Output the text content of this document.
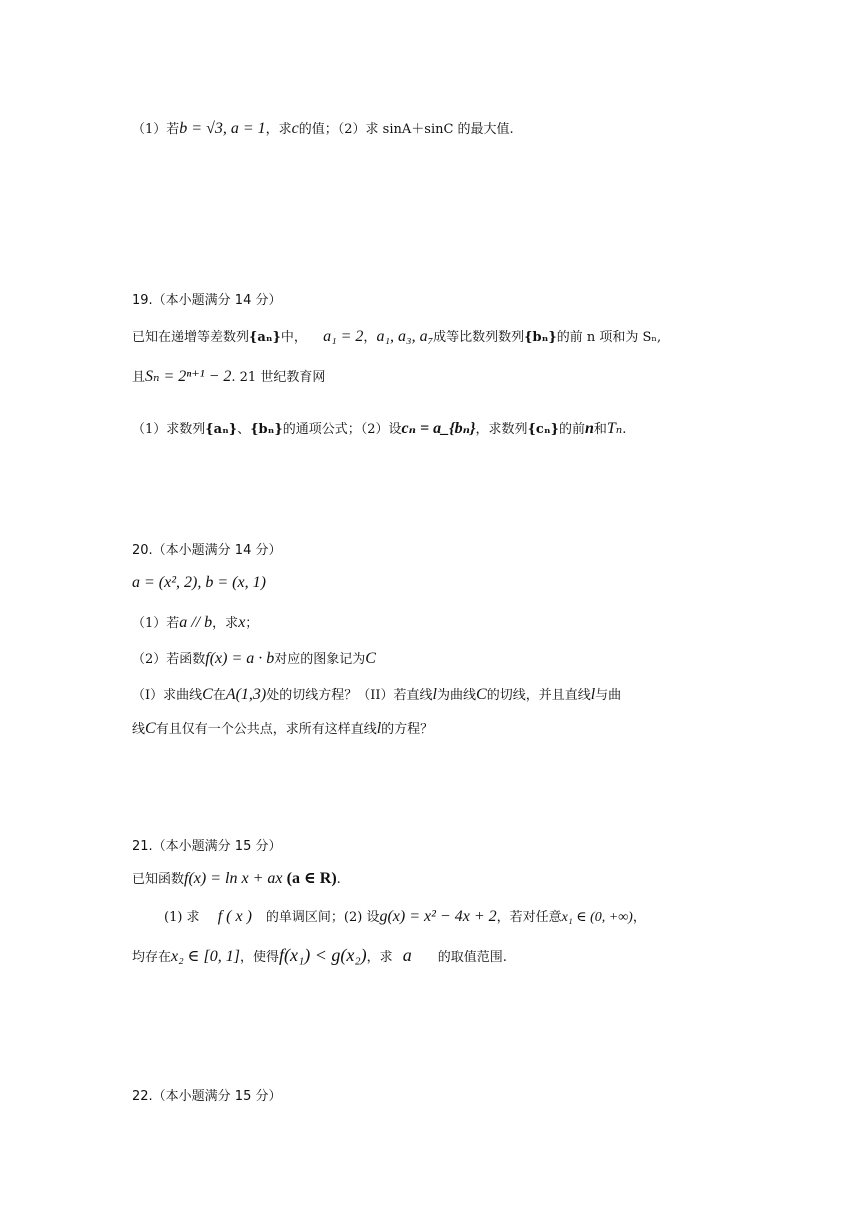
（1）若b = √3, a = 1，求c的值；（2）求 sinA＋sinC 的最大值.
19.（本小题满分 14 分）
已知在递增等差数列{aₙ}中， a₁ = 2，a₁, a₃, a₇成等比数列数列{bₙ}的前 n 项和为 Sₙ,
且Sₙ = 2ⁿ⁺¹ − 2. 21 世纪教育网
（1）求数列{aₙ}、{bₙ}的通项公式；（2）设cₙ = a_{bₙ}，求数列{cₙ}的前n和Tₙ.
20.（本小题满分 14 分）
a = (x², 2), b = (x, 1)
（1）若a // b，求x；
（2）若函数f(x) = a · b对应的图象记为C
（I）求曲线C在A(1,3)处的切线方程？（II）若直线l为曲线C的切线，并且直线l与曲
线C有且仅有一个公共点，求所有这样直线l的方程？
21.（本小题满分 15 分）
已知函数f(x) = ln x + ax (a ∈ R).
(1) 求 f ( x ) 的单调区间；(2) 设g(x) = x² − 4x + 2，若对任意x₁ ∈ (0, +∞)，
均存在x₂ ∈ [0, 1]，使得f(x₁) < g(x₂)，求 a 的取值范围.
22.（本小题满分 15 分）
